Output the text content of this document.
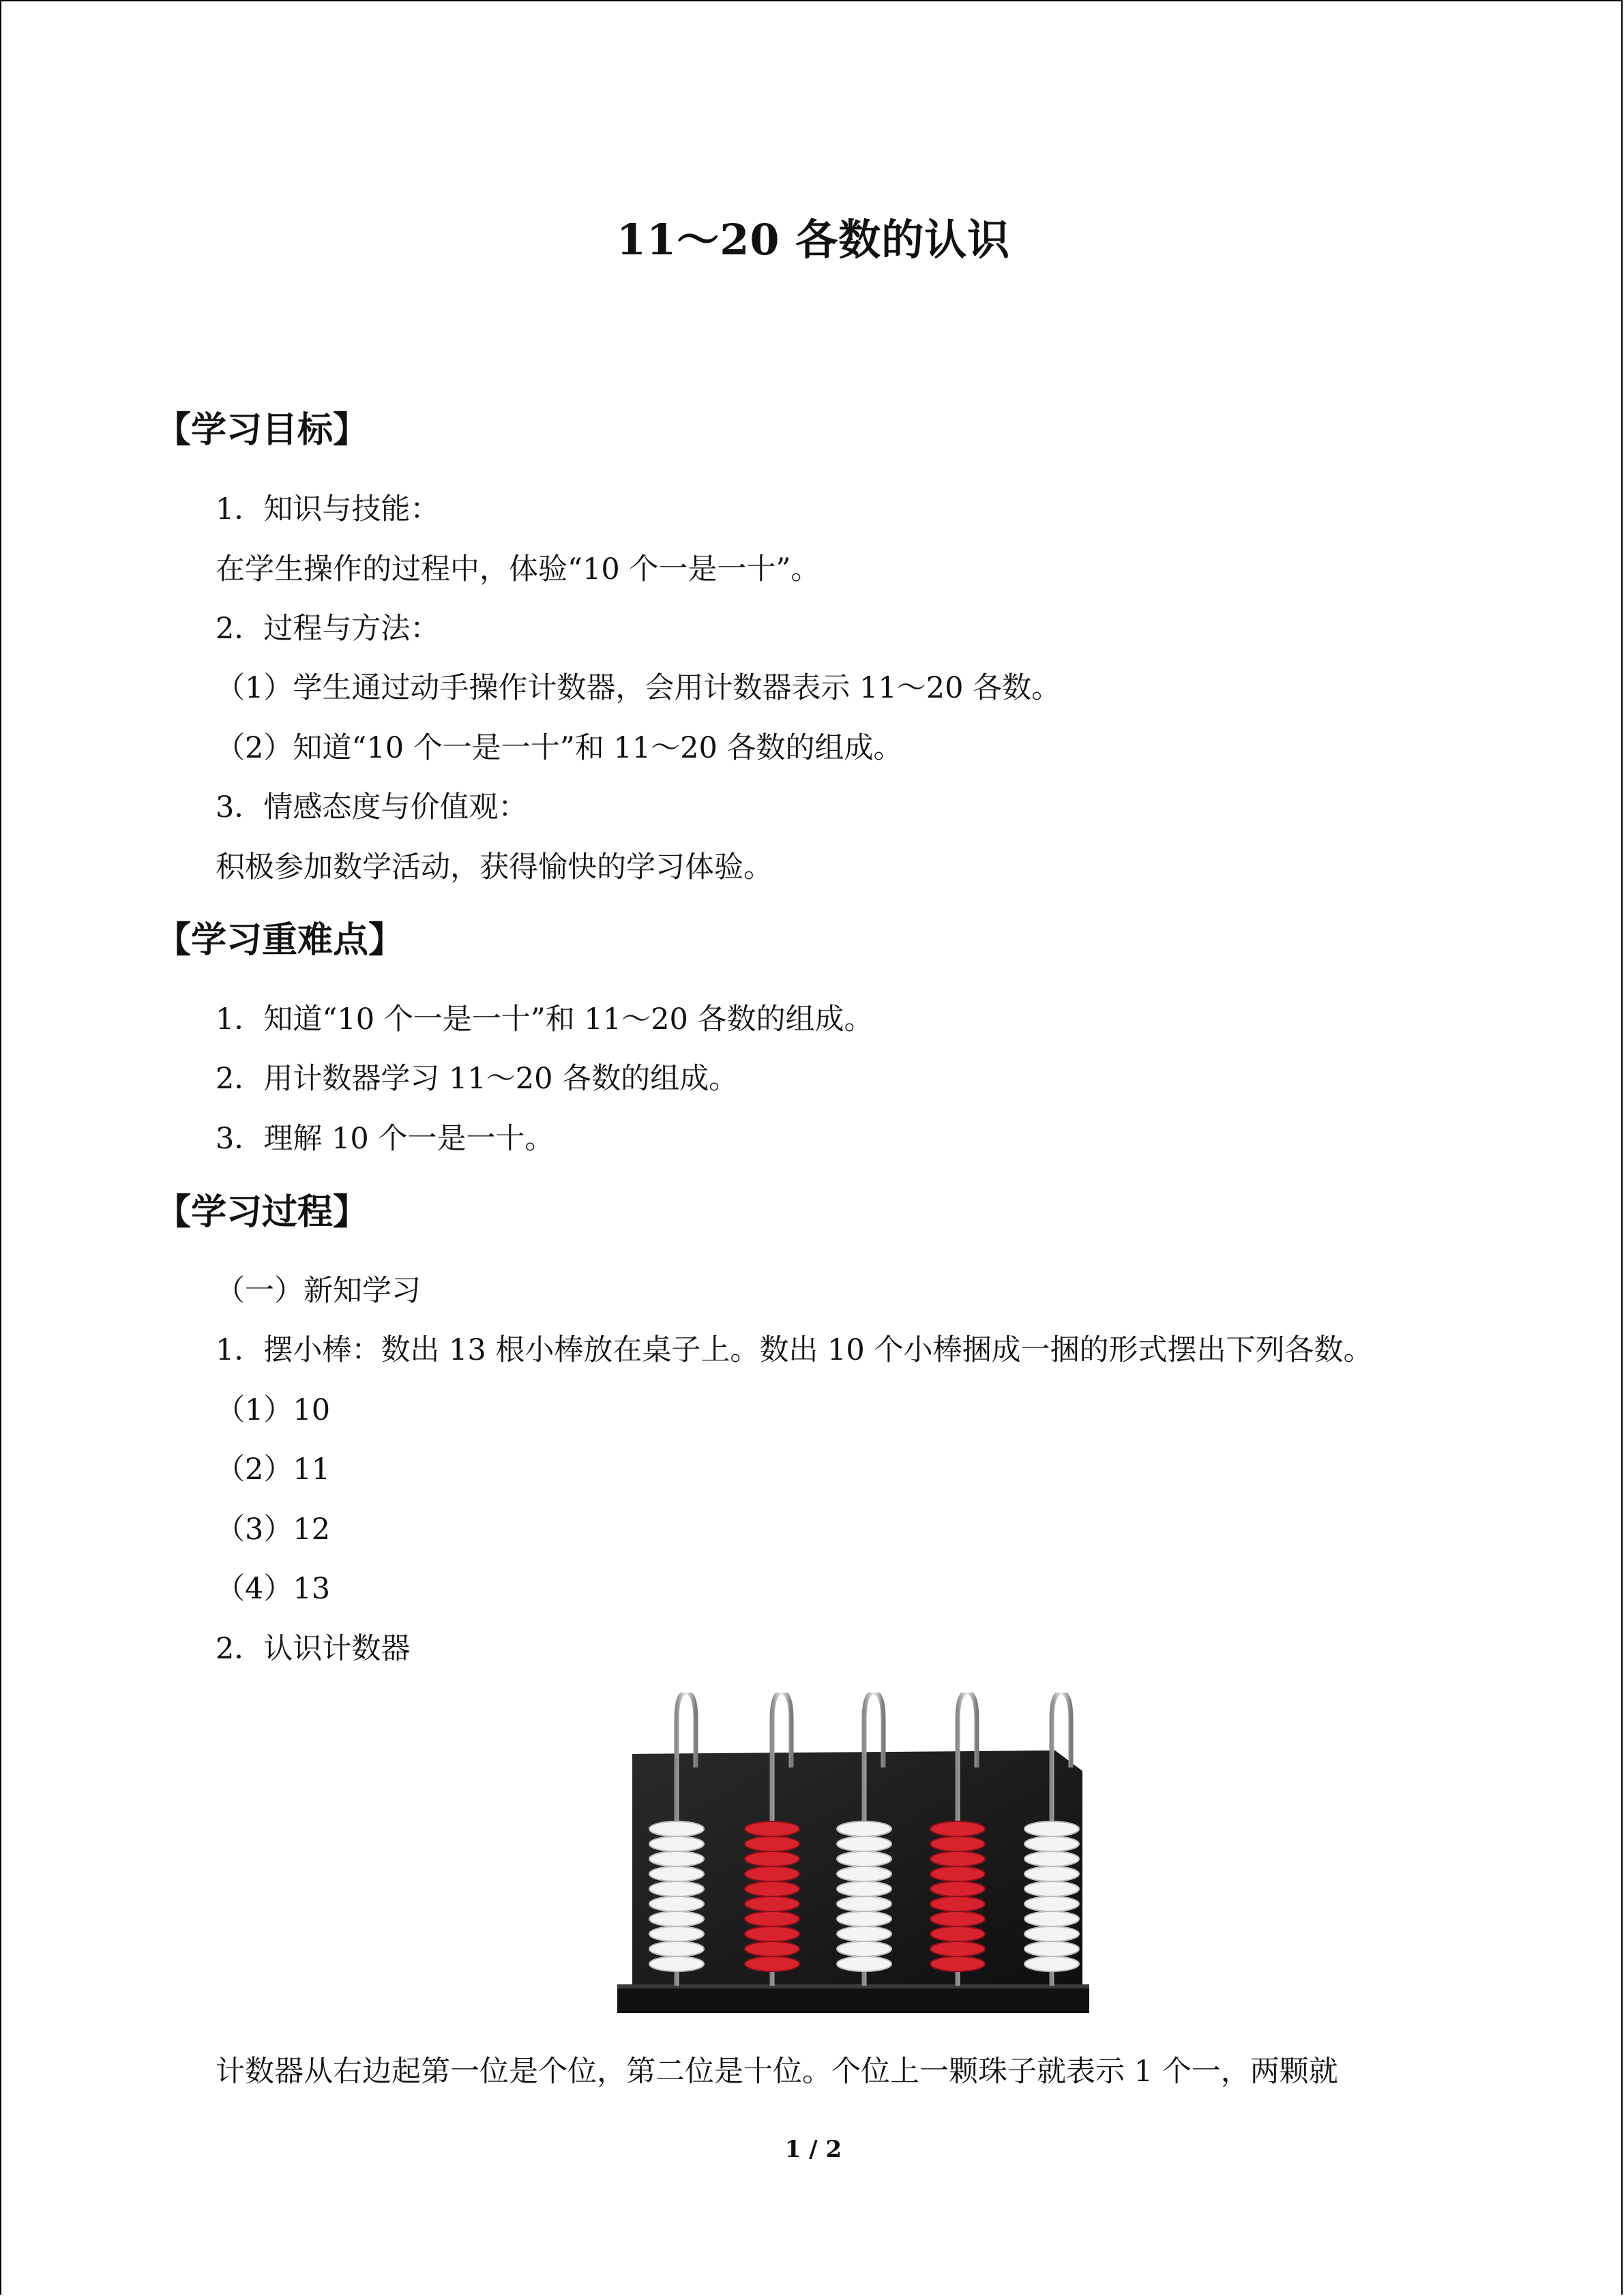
11～20 各数的认识
【学习目标】
1．知识与技能：
在学生操作的过程中，体验“10 个一是一十”。
2．过程与方法：
（1）学生通过动手操作计数器，会用计数器表示 11～20 各数。
（2）知道“10 个一是一十”和 11～20 各数的组成。
3．情感态度与价值观：
积极参加数学活动，获得愉快的学习体验。
【学习重难点】
1．知道“10 个一是一十”和 11～20 各数的组成。
2．用计数器学习 11～20 各数的组成。
3．理解 10 个一是一十。
【学习过程】
（一）新知学习
1．摆小棒：数出 13 根小棒放在桌子上。数出 10 个小棒捆成一捆的形式摆出下列各数。
（1）10
（2）11
（3）12
（4）13
2．认识计数器
计数器从右边起第一位是个位，第二位是十位。个位上一颗珠子就表示 1 个一，两颗就
1 / 2
